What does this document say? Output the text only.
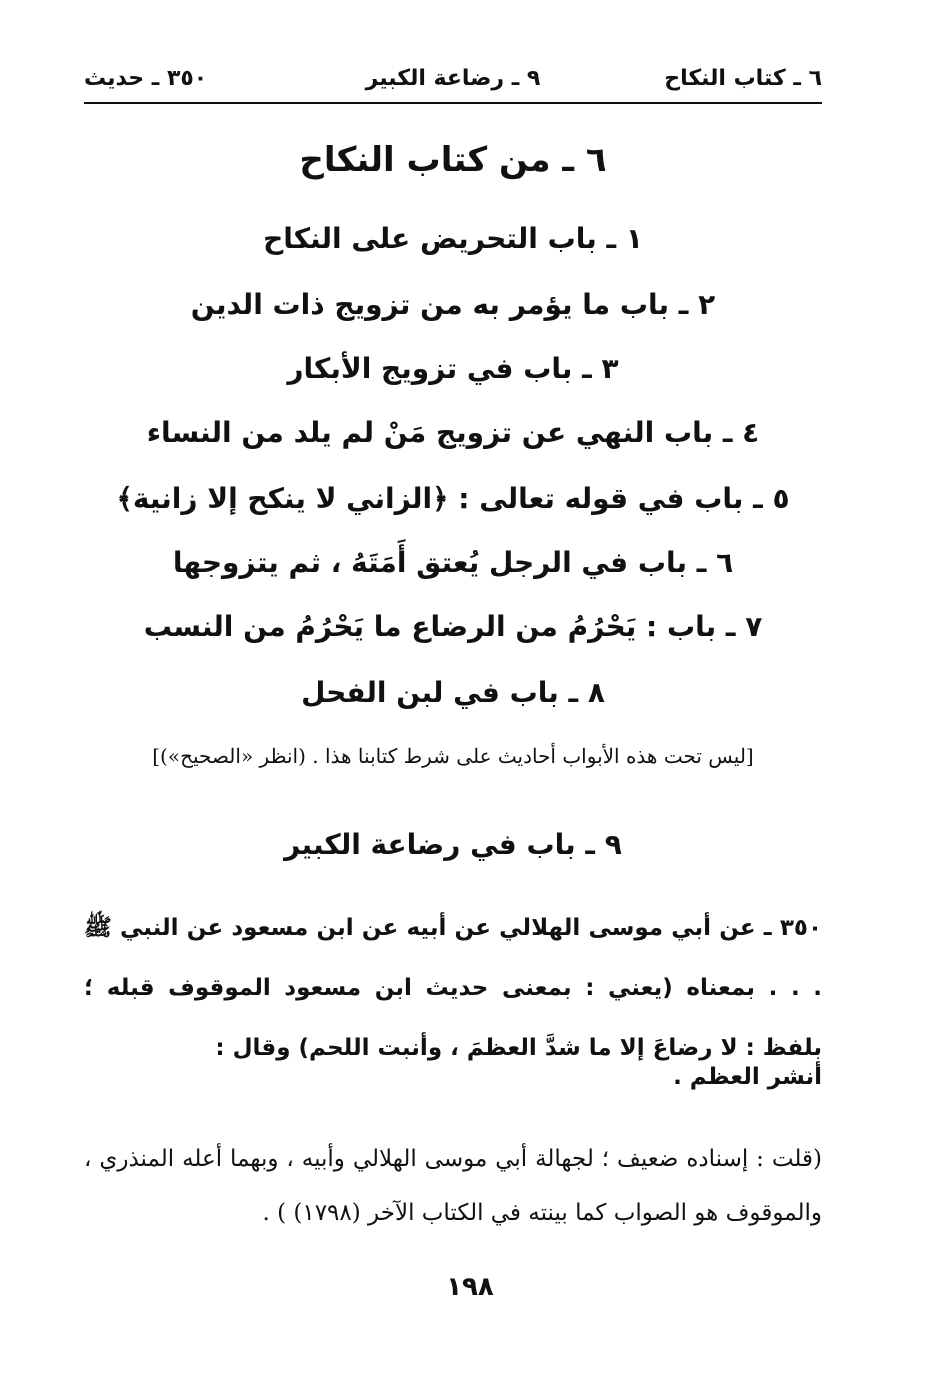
٦ ـ كتاب النكاح
٩ ـ رضاعة الكبير
٣٥٠ ـ حديث
٦ ـ من كتاب النكاح
١ ـ باب التحريض على النكاح
٢ ـ باب ما يؤمر به من تزويج ذات الدين
٣ ـ باب في تزويج الأبكار
٤ ـ باب النهي عن تزويج مَنْ لم يلد من النساء
٥ ـ باب في قوله تعالى : ﴿الزاني لا ينكح إلا زانية﴾
٦ ـ باب في الرجل يُعتق أَمَتَهُ ، ثم يتزوجها
٧ ـ باب : يَحْرُمُ من الرضاع ما يَحْرُمُ من النسب
٨ ـ باب في لبن الفحل
[ليس تحت هذه الأبواب أحاديث على شرط كتابنا هذا . (انظر «الصحيح»)]
٩ ـ باب في رضاعة الكبير
٣٥٠ ـ عن أبي موسى الهلالي عن أبيه عن ابن مسعود عن النبي ﷺ . . . بمعناه (يعني : بمعنى حديث ابن مسعود الموقوف قبله ؛ بلفظ : لا رضاعَ إلا ما شدَّ العظمَ ، وأنبت اللحم) وقال :
أنشر العظم .
(قلت : إسناده ضعيف ؛ لجهالة أبي موسى الهلالي وأبيه ، وبهما أعله المنذري ، والموقوف هو الصواب كما بينته في الكتاب الآخر (١٧٩٨) ) .
١٩٨
